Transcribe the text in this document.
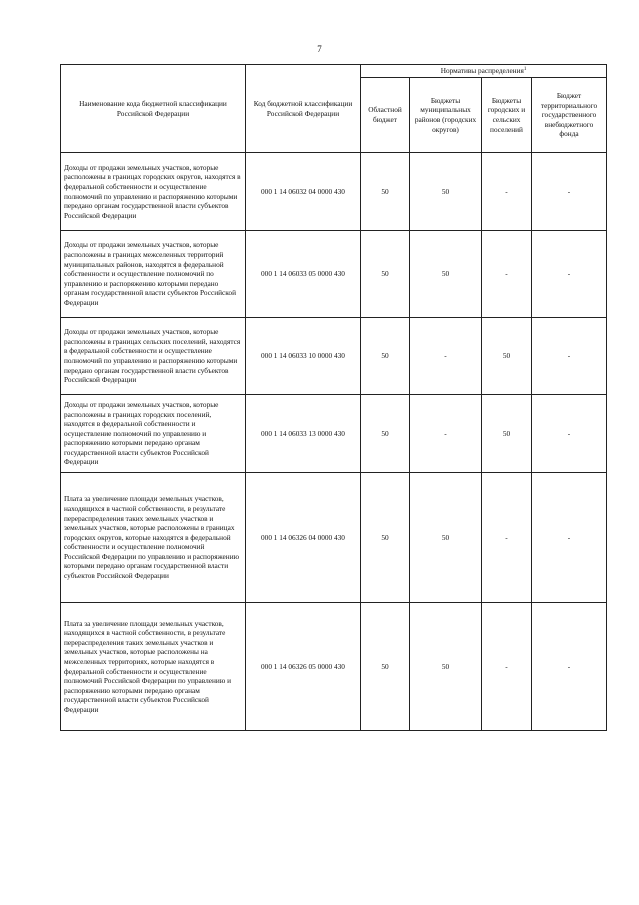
7
Наименование кода бюджетной классификации Российской Федерации	Код бюджетной классификации Российской Федерации	Нормативы распределения$^1$
		Областной бюджет	Бюджеты муниципальных районов (городских округов)	Бюджеты городских и сельских поселений	Бюджет территориального государственного внебюджетного фонда
Доходы от продажи земельных участков, которые расположены в границах городских округов, находятся в федеральной собственности и осуществление полномочий по управлению и распоряжению которыми передано органам государственной власти субъектов Российской Федерации	000 1 14 06032 04 0000 430	50	50	-	-
Доходы от продажи земельных участков, которые расположены в границах межселенных территорий муниципальных районов, находятся в федеральной собственности и осуществление полномочий по управлению и распоряжению которыми передано органам государственной власти субъектов Российской Федерации	000 1 14 06033 05 0000 430	50	50	-	-
Доходы от продажи земельных участков, которые расположены в границах сельских поселений, находятся в федеральной собственности и осуществление полномочий по управлению и распоряжению которыми передано органам государственной власти субъектов Российской Федерации	000 1 14 06033 10 0000 430	50	-	50	-
Доходы от продажи земельных участков, которые расположены в границах городских поселений, находятся в федеральной собственности и осуществление полномочий по управлению и распоряжению которыми передано органам государственной власти субъектов Российской Федерации	000 1 14 06033 13 0000 430	50	-	50	-
Плата за увеличение площади земельных участков, находящихся в частной собственности, в результате перераспределения таких земельных участков и земельных участков, которые расположены в границах городских округов, которые находятся в федеральной собственности и осуществление полномочий Российской Федерации по управлению и распоряжению которыми передано органам государственной власти субъектов Российской Федерации	000 1 14 06326 04 0000 430	50	50	-	-
Плата за увеличение площади земельных участков, находящихся в частной собственности, в результате перераспределения таких земельных участков и земельных участков, которые расположены на межселенных территориях, которые находятся в федеральной собственности и осуществление полномочий Российской Федерации по управлению и распоряжению которыми передано органам государственной власти субъектов Российской Федерации	000 1 14 06326 05 0000 430	50	50	-	-
